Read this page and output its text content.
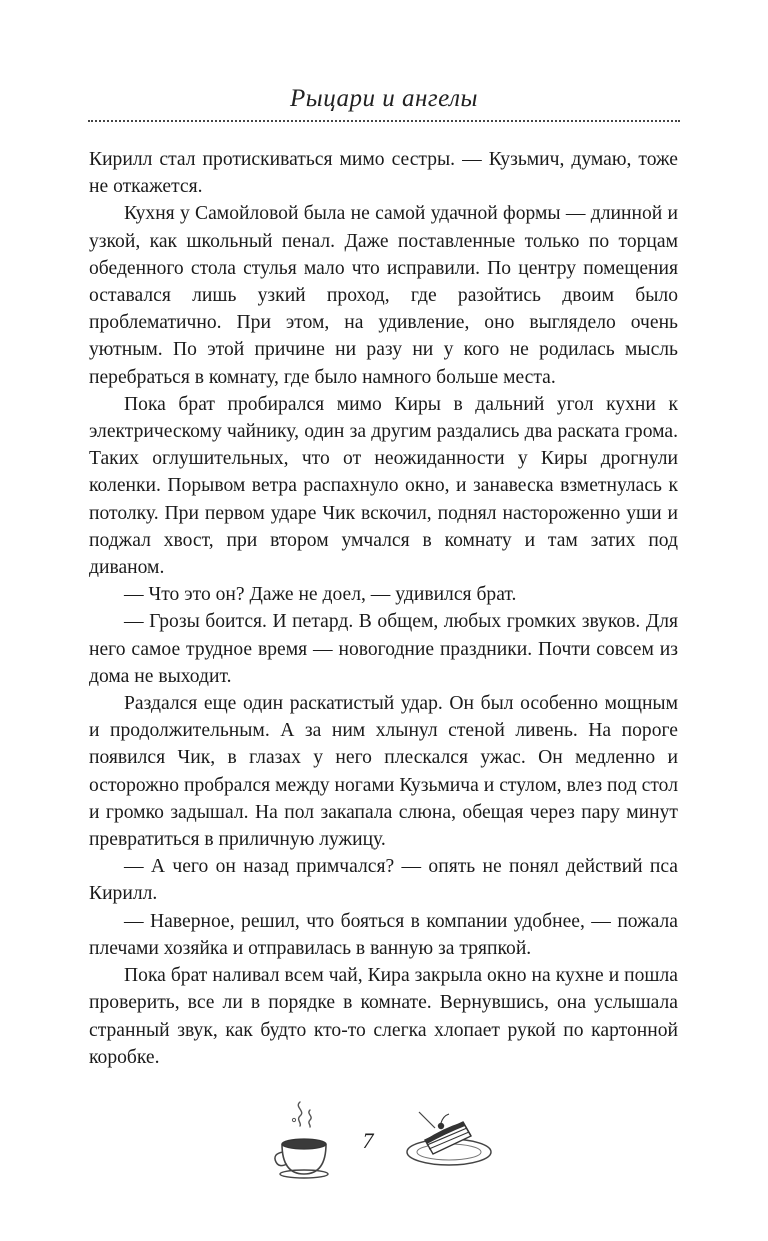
Рыцари и ангелы

Кирилл стал протискиваться мимо сестры. — Кузьмич, думаю, тоже не откажется.

Кухня у Самойловой была не самой удачной формы — длинной и узкой, как школьный пенал. Даже поставленные только по торцам обеденного стола стулья мало что исправили. По центру помещения оставался лишь узкий проход, где разойтись двоим было проблематично. При этом, на удивление, оно выглядело очень уютным. По этой причине ни разу ни у кого не родилась мысль перебраться в комнату, где было намного больше места.

Пока брат пробирался мимо Киры в дальний угол кухни к электрическому чайнику, один за другим раздались два раската грома. Таких оглушительных, что от неожиданности у Киры дрогнули коленки. Порывом ветра распахнуло окно, и занавеска взметнулась к потолку. При первом ударе Чик вскочил, поднял настороженно уши и поджал хвост, при втором умчался в комнату и там затих под диваном.

— Что это он? Даже не доел, — удивился брат.

— Грозы боится. И петард. В общем, любых громких звуков. Для него самое трудное время — новогодние праздники. Почти совсем из дома не выходит.

Раздался еще один раскатистый удар. Он был особенно мощным и продолжительным. А за ним хлынул стеной ливень. На пороге появился Чик, в глазах у него плескался ужас. Он медленно и осторожно пробрался между ногами Кузьмича и стулом, влез под стол и громко задышал. На пол закапала слюна, обещая через пару минут превратиться в приличную лужицу.

— А чего он назад примчался? — опять не понял действий пса Кирилл.

— Наверное, решил, что бояться в компании удобнее, — пожала плечами хозяйка и отправилась в ванную за тряпкой.

Пока брат наливал всем чай, Кира закрыла окно на кухне и пошла проверить, все ли в порядке в комнате. Вернувшись, она услышала странный звук, как будто кто-то слегка хлопает рукой по картонной коробке.

7
